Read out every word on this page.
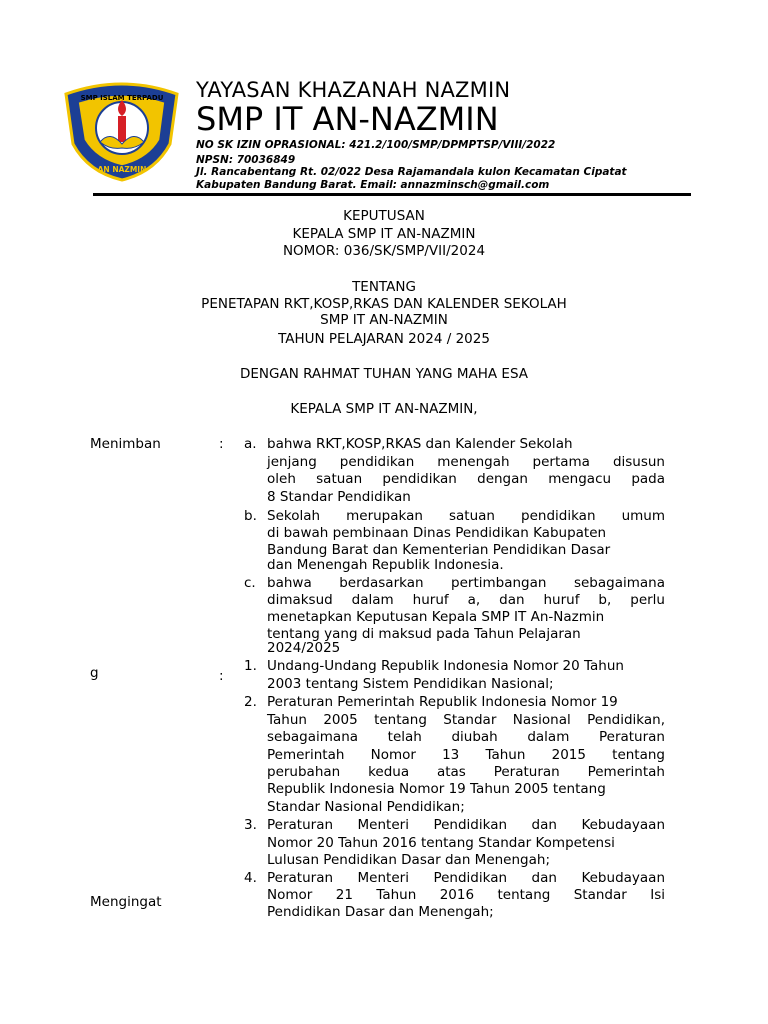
SMP ISLAM TERPADU
AN NAZMIN
YAYASAN KHAZANAH NAZMIN
SMP IT AN-NAZMIN
NO SK IZIN OPRASIONAL: 421.2/100/SMP/DPMPTSP/VIII/2022
NPSN: 70036849
Jl. Rancabentang Rt. 02/022 Desa Rajamandala kulon Kecamatan Cipatat
Kabupaten Bandung Barat. Email: annazminsch@gmail.com
KEPUTUSAN
KEPALA SMP IT AN-NAZMIN
NOMOR: 036/SK/SMP/VII/2024
TENTANG
PENETAPAN RKT,KOSP,RKAS DAN KALENDER SEKOLAH
SMP IT AN-NAZMIN
TAHUN PELAJARAN 2024 / 2025
DENGAN RAHMAT TUHAN YANG MAHA ESA
KEPALA SMP IT AN-NAZMIN,
Menimban	: a. bahwa RKT,KOSP,RKAS dan Kalender Sekolah
jenjang pendidikan menengah pertama disusun
oleh satuan pendidikan dengan mengacu pada
8 Standar Pendidikan
b. Sekolah merupakan satuan pendidikan umum
di bawah pembinaan Dinas Pendidikan Kabupaten
Bandung Barat dan Kementerian Pendidikan Dasar
dan Menengah Republik Indonesia.
c. bahwa berdasarkan pertimbangan sebagaimana
dimaksud dalam huruf a, dan huruf b, perlu
menetapkan Keputusan Kepala SMP IT An-Nazmin
tentang yang di maksud pada Tahun Pelajaran
2024/2025
g	:
1. Undang-Undang Republik Indonesia Nomor 20 Tahun
2003 tentang Sistem Pendidikan Nasional;
2. Peraturan Pemerintah Republik Indonesia Nomor 19
Tahun 2005 tentang Standar Nasional Pendidikan,
sebagaimana telah diubah dalam Peraturan
Pemerintah Nomor 13 Tahun 2015 tentang
perubahan kedua atas Peraturan Pemerintah
Republik Indonesia Nomor 19 Tahun 2005 tentang
Standar Nasional Pendidikan;
3. Peraturan Menteri Pendidikan dan Kebudayaan
Nomor 20 Tahun 2016 tentang Standar Kompetensi
Lulusan Pendidikan Dasar dan Menengah;
4. Peraturan Menteri Pendidikan dan Kebudayaan
Nomor 21 Tahun 2016 tentang Standar Isi
Pendidikan Dasar dan Menengah;
Mengingat
